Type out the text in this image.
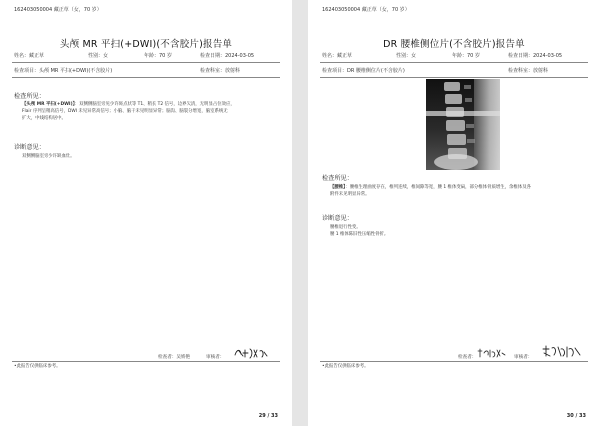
162403050004 藏正草（女，70 岁）
头颅 MR 平扫(+DWI)(不含胶片)报告单
姓名：藏正草	性别：女	年龄：70 岁	检查日期：2024-03-05
检查项目：头颅 MR 平扫(+DWI)(不含胶片)	检查科室：放射科
检查所见：
【头颅 MR 平扫(+DWI)】：双侧侧脑室旁见少许斑点状等 T1、稍长 T2 信号，边界欠清，无明显占位效应，
Flair 序列呈稍高信号，DWI 未见异常高信号；小脑、脑干未见明显异常；脑沟、脑裂分增宽，脑室系统无
扩大，中线结构居中。
诊断意见：
双侧侧脑室旁少许缺血灶。
检查者：吴娇艳	审核者：
•此报告仅供临床参考。
29 / 33
162403050004 藏正草（女，70 岁）
DR 腰椎侧位片(不含胶片)报告单
姓名：藏正草	性别：女	年龄：70 岁	检查日期：2024-03-05
检查项目：DR 腰椎侧位片(不含胶片)	检查科室：放射科
检查所见：
【腰椎】：腰椎生理曲度存在，椎列连续，椎间隙等宽，腰 1 椎体变扁，部分椎体骨质增生，余椎体及各
附件未见明显异常。
诊断意见：
腰椎退行性变。
腰 1 椎体陈旧性压缩性骨折。
检查者：	审核者：
•此报告仅供临床参考。
30 / 33
